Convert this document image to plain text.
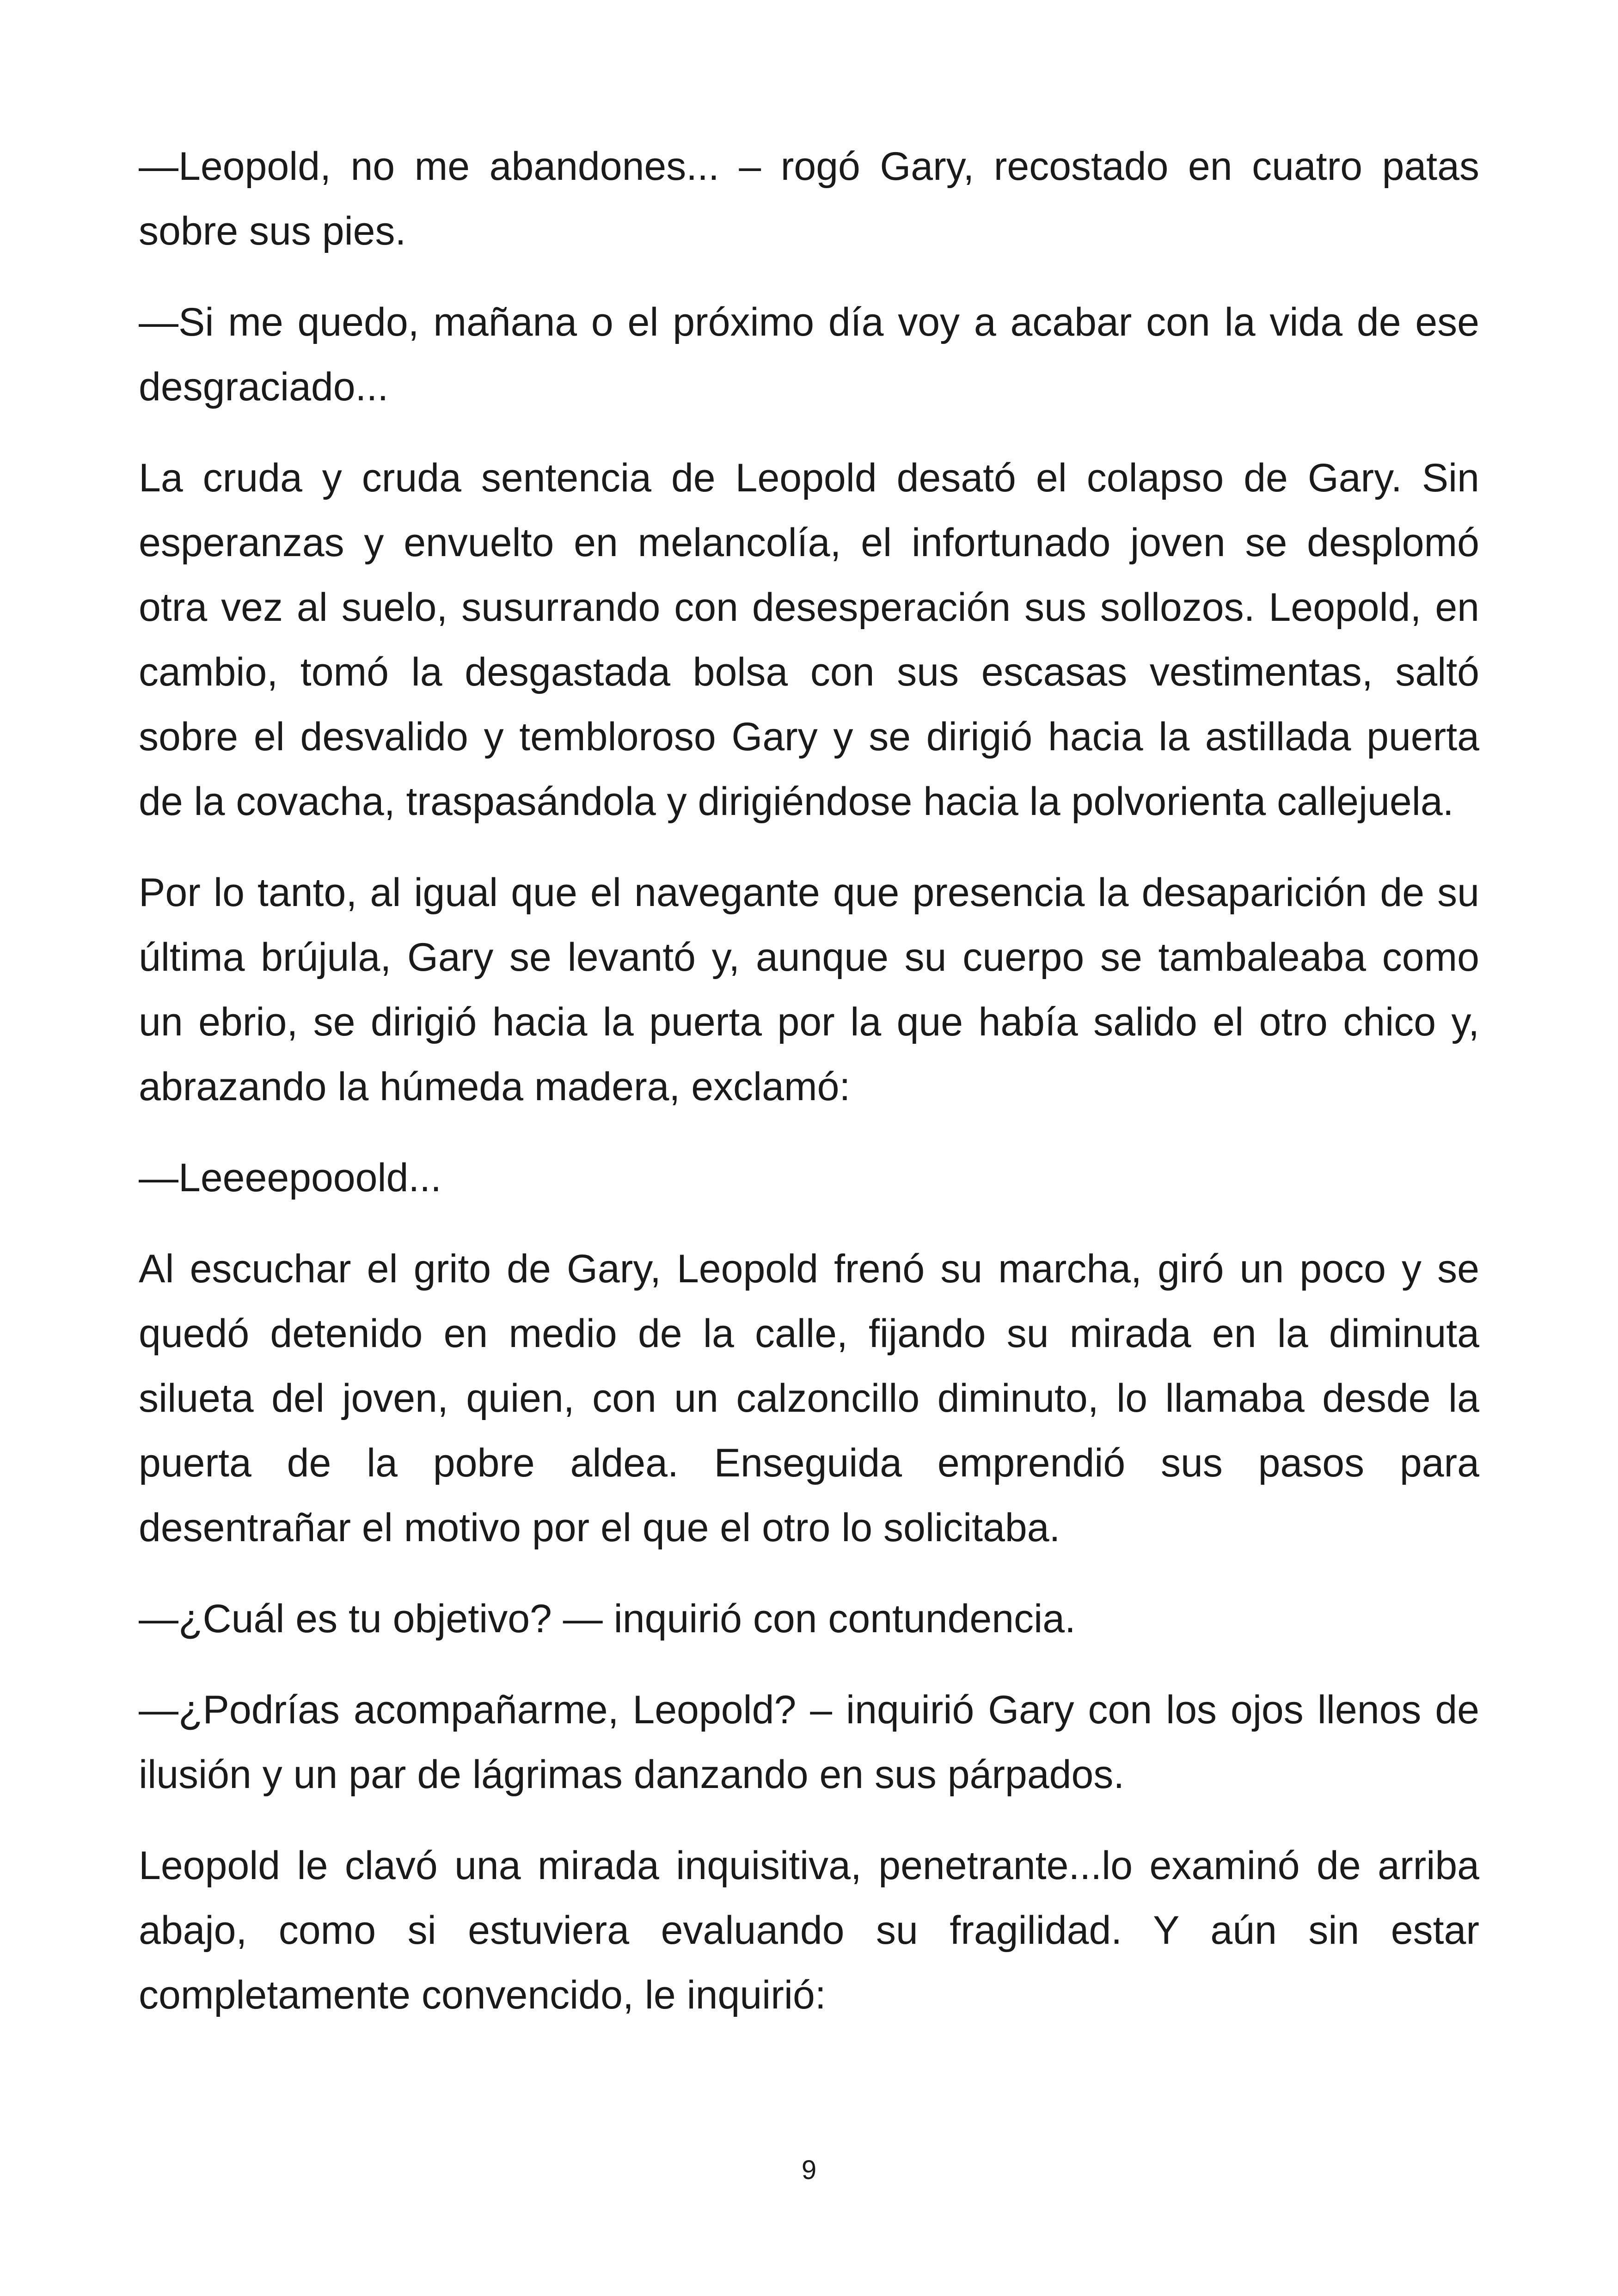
—Leopold, no me abandones... – rogó Gary, recostado en cuatro patas sobre sus pies.

—Si me quedo, mañana o el próximo día voy a acabar con la vida de ese desgraciado...

La cruda y cruda sentencia de Leopold desató el colapso de Gary. Sin esperanzas y envuelto en melancolía, el infortunado joven se desplomó otra vez al suelo, susurrando con desesperación sus sollozos. Leopold, en cambio, tomó la desgastada bolsa con sus escasas vestimentas, saltó sobre el desvalido y tembloroso Gary y se dirigió hacia la astillada puerta de la covacha, traspasándola y dirigiéndose hacia la polvorienta callejuela.

Por lo tanto, al igual que el navegante que presencia la desaparición de su última brújula, Gary se levantó y, aunque su cuerpo se tambaleaba como un ebrio, se dirigió hacia la puerta por la que había salido el otro chico y, abrazando la húmeda madera, exclamó:

—Leeeepooold...

Al escuchar el grito de Gary, Leopold frenó su marcha, giró un poco y se quedó detenido en medio de la calle, fijando su mirada en la diminuta silueta del joven, quien, con un calzoncillo diminuto, lo llamaba desde la puerta de la pobre aldea. Enseguida emprendió sus pasos para desentrañar el motivo por el que el otro lo solicitaba.

—¿Cuál es tu objetivo? — inquirió con contundencia.

—¿Podrías acompañarme, Leopold? – inquirió Gary con los ojos llenos de ilusión y un par de lágrimas danzando en sus párpados.

Leopold le clavó una mirada inquisitiva, penetrante...lo examinó de arriba abajo, como si estuviera evaluando su fragilidad. Y aún sin estar completamente convencido, le inquirió:

9
